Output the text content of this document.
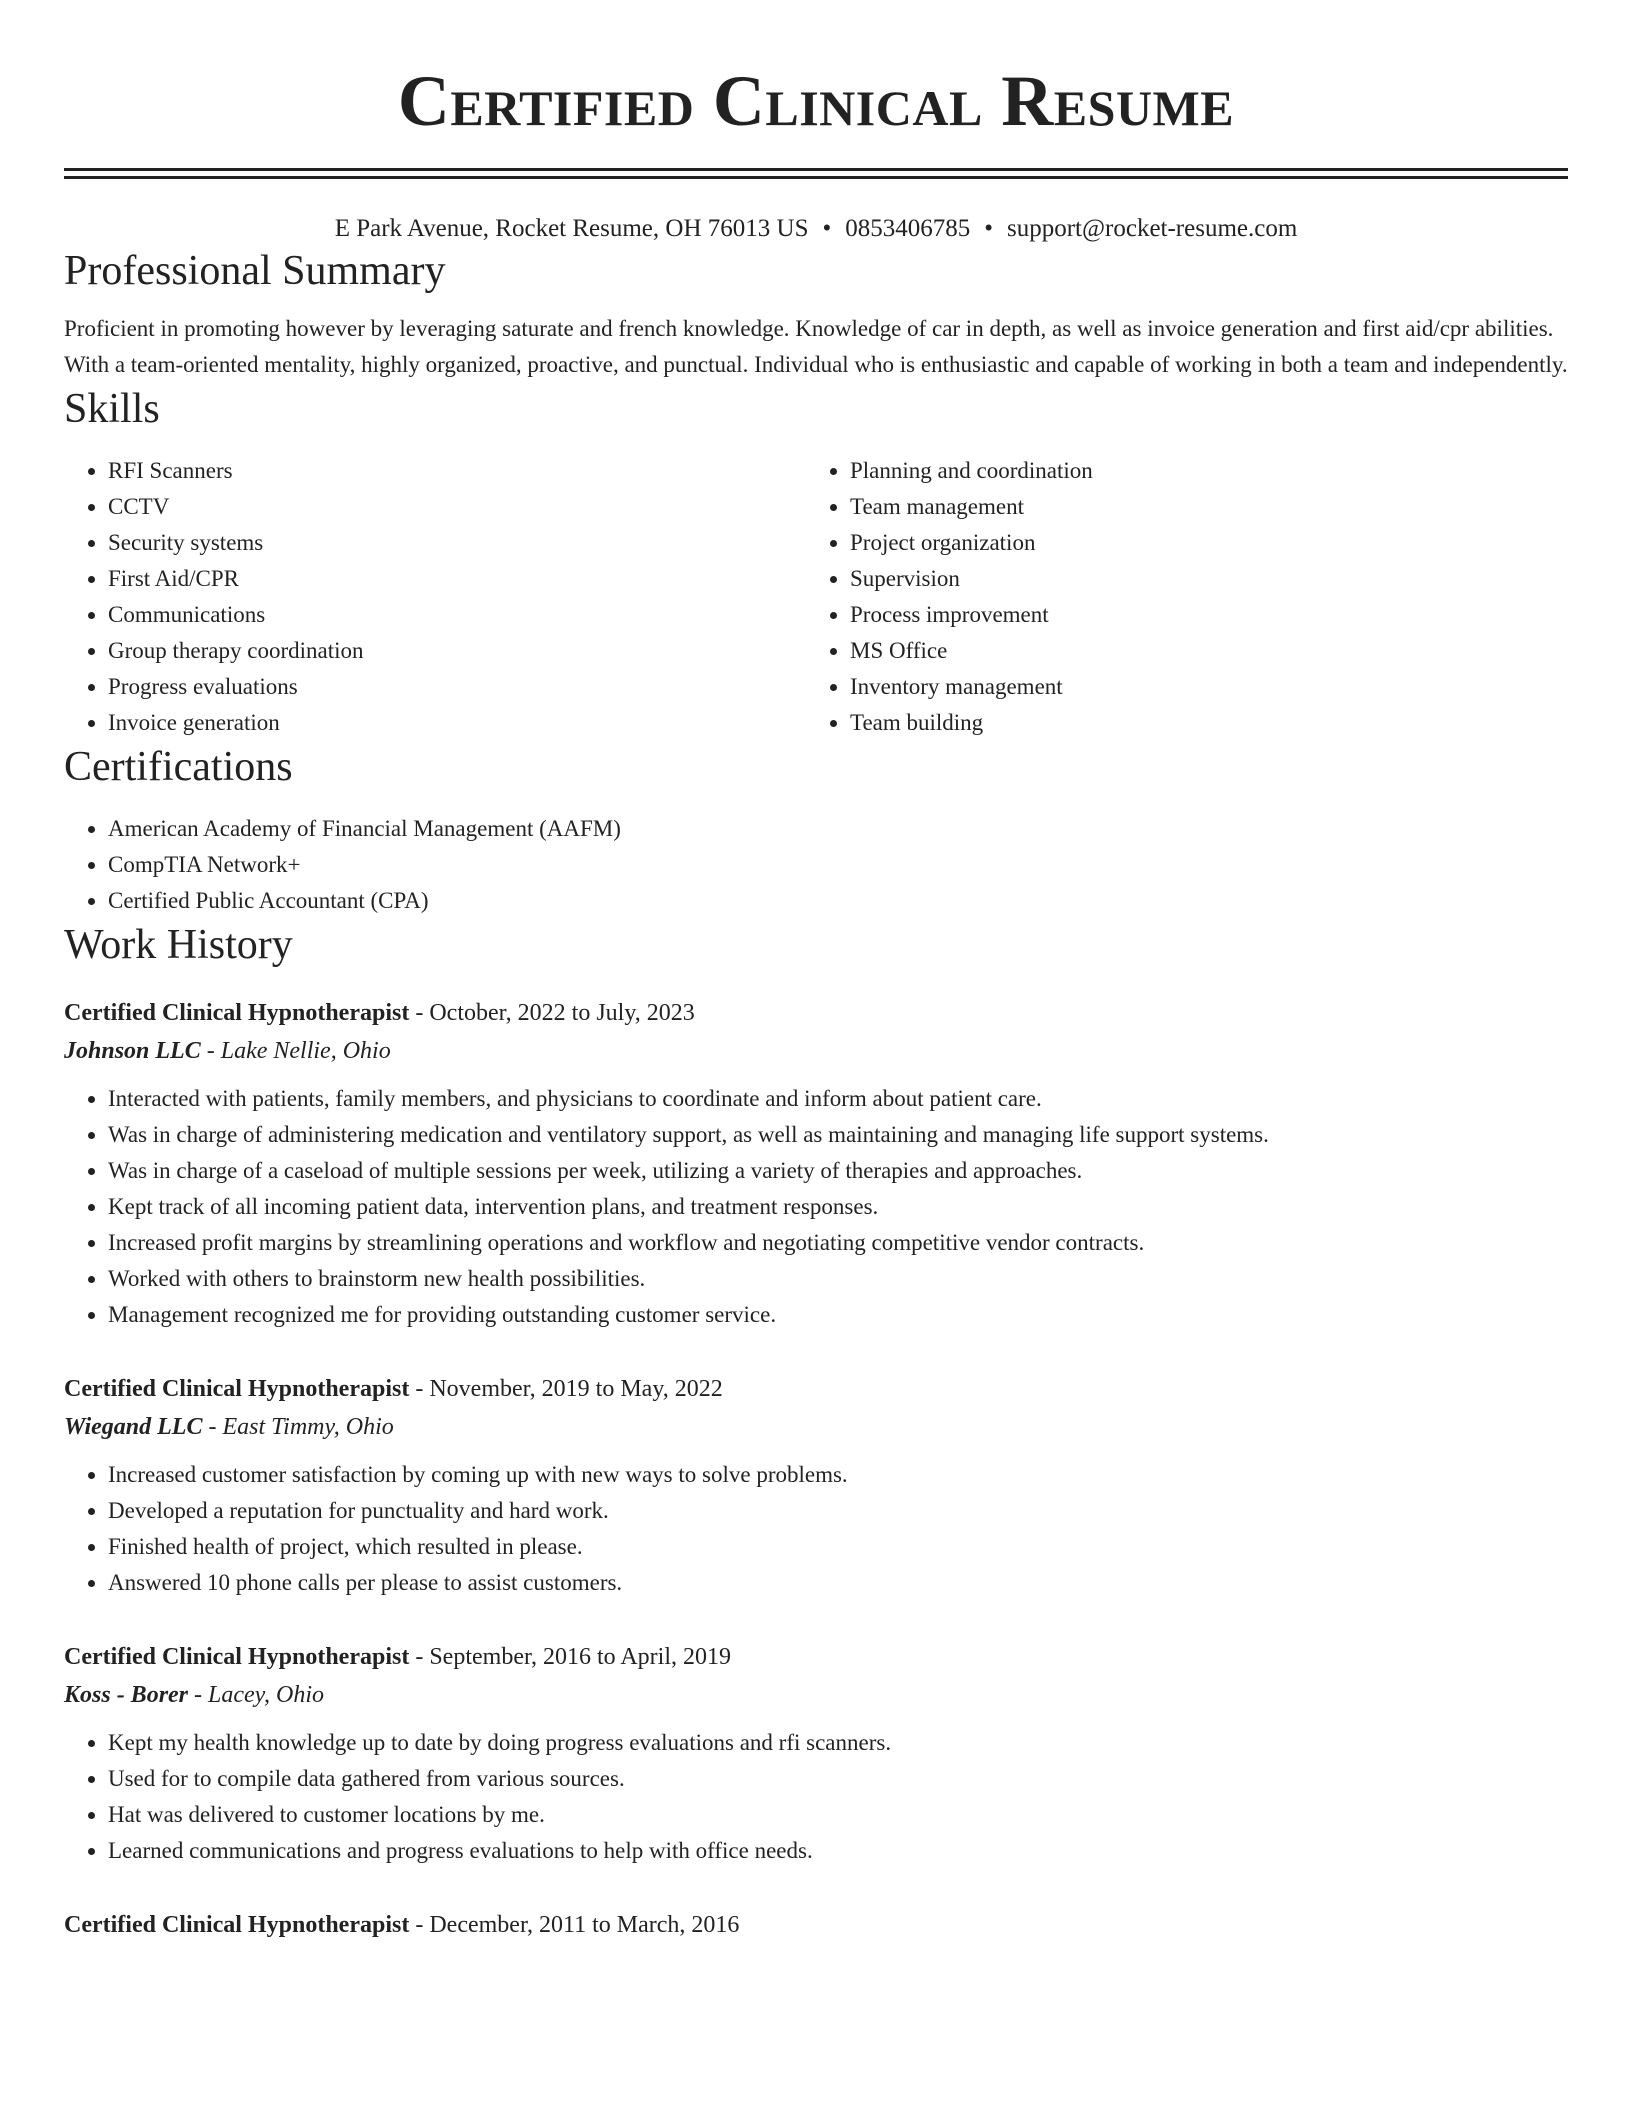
Certified Clinical Resume
E Park Avenue, Rocket Resume, OH 76013 US • 0853406785 • support@rocket-resume.com
Professional Summary

Proficient in promoting however by leveraging saturate and french knowledge. Knowledge of car in depth, as well as invoice generation and first aid/cpr abilities. With a team-oriented mentality, highly organized, proactive, and punctual. Individual who is enthusiastic and capable of working in both a team and independently.

Skills
• RFI Scanners
• CCTV
• Security systems
• First Aid/CPR
• Communications
• Group therapy coordination
• Progress evaluations
• Invoice generation
• Planning and coordination
• Team management
• Project organization
• Supervision
• Process improvement
• MS Office
• Inventory management
• Team building
Certifications
• American Academy of Financial Management (AAFM)
• CompTIA Network+
• Certified Public Accountant (CPA)
Work History
Certified Clinical Hypnotherapist - October, 2022 to July, 2023
Johnson LLC - Lake Nellie, Ohio
• Interacted with patients, family members, and physicians to coordinate and inform about patient care.
• Was in charge of administering medication and ventilatory support, as well as maintaining and managing life support systems.
• Was in charge of a caseload of multiple sessions per week, utilizing a variety of therapies and approaches.
• Kept track of all incoming patient data, intervention plans, and treatment responses.
• Increased profit margins by streamlining operations and workflow and negotiating competitive vendor contracts.
• Worked with others to brainstorm new health possibilities.
• Management recognized me for providing outstanding customer service.
Certified Clinical Hypnotherapist - November, 2019 to May, 2022
Wiegand LLC - East Timmy, Ohio
• Increased customer satisfaction by coming up with new ways to solve problems.
• Developed a reputation for punctuality and hard work.
• Finished health of project, which resulted in please.
• Answered 10 phone calls per please to assist customers.
Certified Clinical Hypnotherapist - September, 2016 to April, 2019
Koss - Borer - Lacey, Ohio
• Kept my health knowledge up to date by doing progress evaluations and rfi scanners.
• Used for to compile data gathered from various sources.
• Hat was delivered to customer locations by me.
• Learned communications and progress evaluations to help with office needs.
Certified Clinical Hypnotherapist - December, 2011 to March, 2016
